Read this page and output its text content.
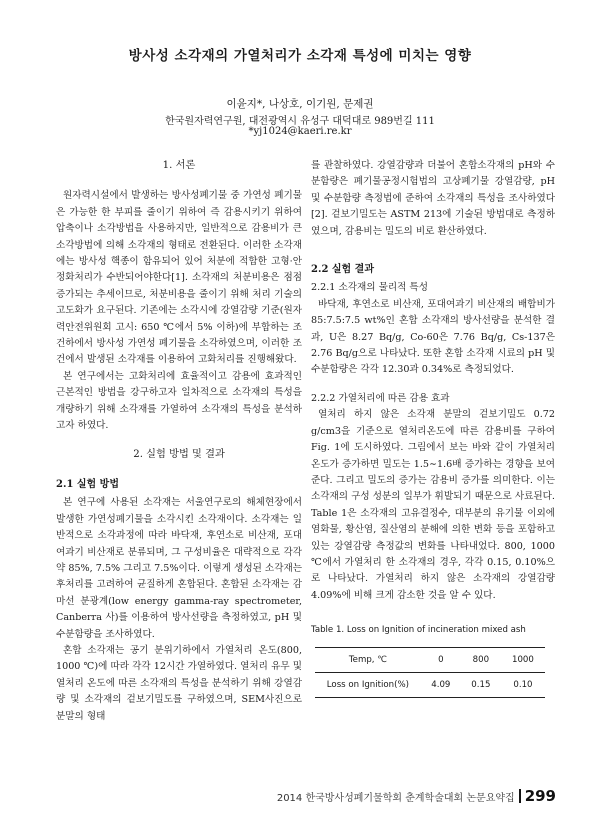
방사성 소각재의 가열처리가 소각재 특성에 미치는 영향
이윤지*, 나상호, 이기원, 문제권
한국원자력연구원, 대전광역시 유성구 대덕대로 989번길 111
*yj1024@kaeri.re.kr
1. 서론

원자력시설에서 발생하는 방사성폐기물 중 가연성 폐기물은 가능한 한 부피를 줄이기 위하여 즉 감용시키기 위하여 압축이나 소각방법을 사용하지만, 일반적으로 감용비가 큰 소각방법에 의해 소각재의 형태로 전환된다. 이러한 소각재에는 방사성 핵종이 함유되어 있어 처분에 적합한 고형·안정화처리가 수반되어야한다[1]. 소각재의 처분비용은 점점 증가되는 추세이므로, 처분비용을 줄이기 위해 처리 기술의 고도화가 요구된다. 기존에는 소각시에 강열감량 기준(원자력안전위원회 고시: 650 ℃에서 5% 이하)에 부합하는 조건하에서 방사성 가연성 폐기물을 소각하였으며, 이러한 조건에서 발생된 소각재를 이용하여 고화처리를 진행해왔다.

본 연구에서는 고화처리에 효율적이고 감용에 효과적인 근본적인 방법을 강구하고자 일차적으로 소각재의 특성을 개량하기 위해 소각재를 가열하여 소각재의 특성을 분석하고자 하였다.

2. 실험 방법 및 결과
2.1 실험 방법

본 연구에 사용된 소각재는 서울연구로의 해체현장에서 발생한 가연성폐기물을 소각시킨 소각재이다. 소각재는 일반적으로 소각과정에 따라 바닥재, 후연소로 비산재, 포대여과기 비산재로 분류되며, 그 구성비율은 대략적으로 각각 약 85%, 7.5% 그리고 7.5%이다. 이렇게 생성된 소각재는 후처리를 고려하여 균질하게 혼합된다. 혼합된 소각재는 감마선 분광계(low energy gamma-ray spectrometer, Canberra 사)를 이용하여 방사선량을 측정하였고, pH 및 수분함량을 조사하였다.

혼합 소각재는 공기 분위기하에서 가열처리 온도(800, 1000 ℃)에 따라 각각 12시간 가열하였다. 열처리 유무 및 열처리 온도에 따른 소각재의 특성을 분석하기 위해 강열감량 및 소각재의 겉보기밀도를 구하였으며, SEM사진으로 분말의 형태

를 관찰하였다. 강열감량과 더불어 혼합소각재의 pH와 수분함량은 폐기물공정시험법의 고상폐기물 강열감량, pH 및 수분함량 측정법에 준하여 소각재의 특성을 조사하였다[2]. 겉보기밀도는 ASTM 213에 기술된 방법대로 측정하였으며, 감용비는 밀도의 비로 환산하였다.

2.2 실험 결과
2.2.1 소각재의 물리적 특성

바닥재, 후연소로 비산재, 포대여과기 비산재의 배합비가 85:7.5:7.5 wt%인 혼합 소각재의 방사선량을 분석한 결과, U은 8.27 Bq/g, Co-60은 7.76 Bq/g, Cs-137은 2.76 Bq/g으로 나타났다. 또한 혼합 소각재 시료의 pH 및 수분함량은 각각 12.30과 0.34%로 측정되었다.

2.2.2 가열처리에 따른 감용 효과

열처리 하지 않은 소각재 분말의 겉보기밀도 0.72 g/cm3을 기준으로 열처리온도에 따른 감용비를 구하여 Fig. 1에 도시하였다. 그림에서 보는 바와 같이 가열처리 온도가 증가하면 밀도는 1.5∼1.6배 증가하는 경향을 보여준다. 그리고 밀도의 증가는 감용비 증가를 의미한다. 이는 소각재의 구성 성분의 일부가 휘발되기 때문으로 사료된다. Table 1은 소각재의 고유결정수, 대부분의 유기물 이외에 염화물, 황산염, 질산염의 분해에 의한 변화 등을 포함하고 있는 강열감량 측정값의 변화를 나타내었다. 800, 1000 ℃에서 가열처리 한 소각재의 경우, 각각 0.15, 0.10%으로 나타났다. 가열처리 하지 않은 소각재의 강열감량 4.09%에 비해 크게 감소한 것을 알 수 있다.

Table 1. Loss on Ignition of incineration mixed ash
Temp, ℃	0	800	1000
Loss on Ignition(%)	4.09	0.15	0.10
2014 한국방사성폐기물학회 춘계학술대회 논문요약집 299
